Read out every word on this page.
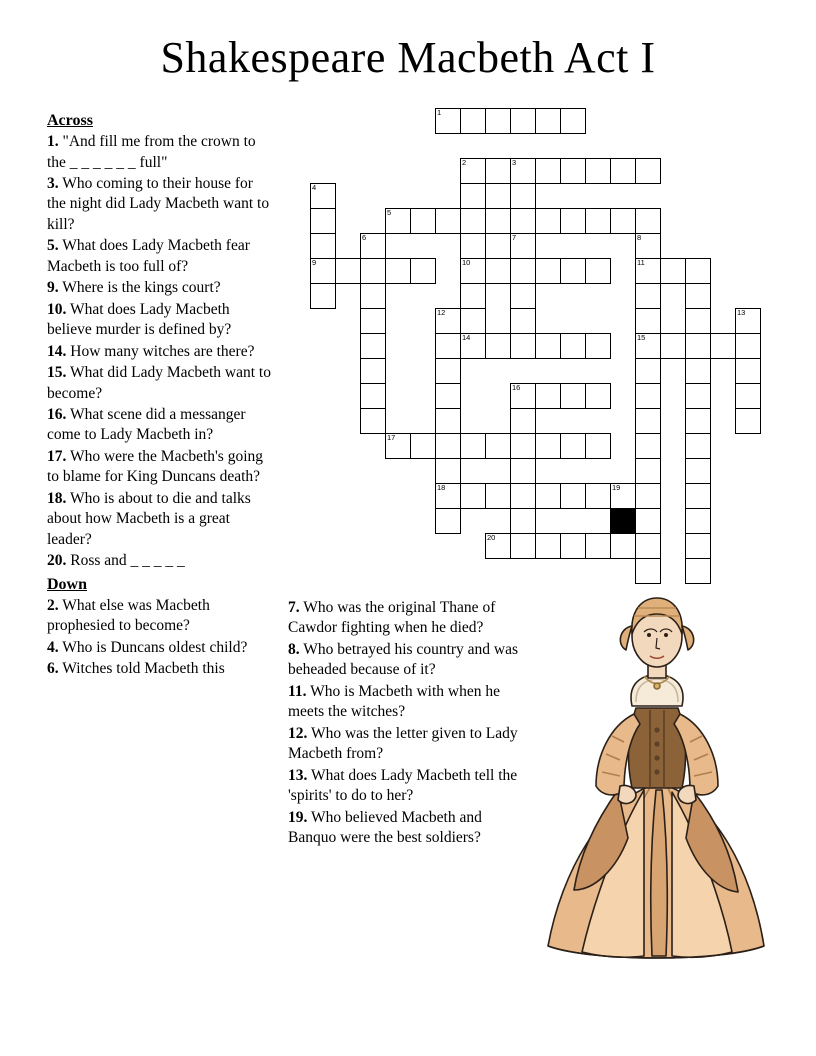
Shakespeare Macbeth Act I
Across

1. "And fill me from the crown to the _ _ _ _ _ _ full"

3. Who coming to their house for the night did Lady Macbeth want to kill?

5. What does Lady Macbeth fear Macbeth is too full of?

9. Where is the kings court?

10. What does Lady Macbeth believe murder is defined by?

14. How many witches are there?

15. What did Lady Macbeth want to become?

16. What scene did a messanger come to Lady Macbeth in?

17. Who were the Macbeth's going to blame for King Duncans death?

18. Who is about to die and talks about how Macbeth is a great leader?

20. Ross and _ _ _ _ _

Down

2. What else was Macbeth prophesied to become?

4. Who is Duncans oldest child?

6. Witches told Macbeth this

7. Who was the original Thane of Cawdor fighting when he died?

8. Who betrayed his country and was beheaded because of it?

11. Who is Macbeth with when he meets the witches?

12. Who was the letter given to Lady Macbeth from?

13. What does Lady Macbeth tell the 'spirits' to do to her?

19. Who believed Macbeth and Banquo were the best soldiers?

1
2	3
4
5
6	7	8
9	10	11
12	13
14	15
16
17
18	19
20
